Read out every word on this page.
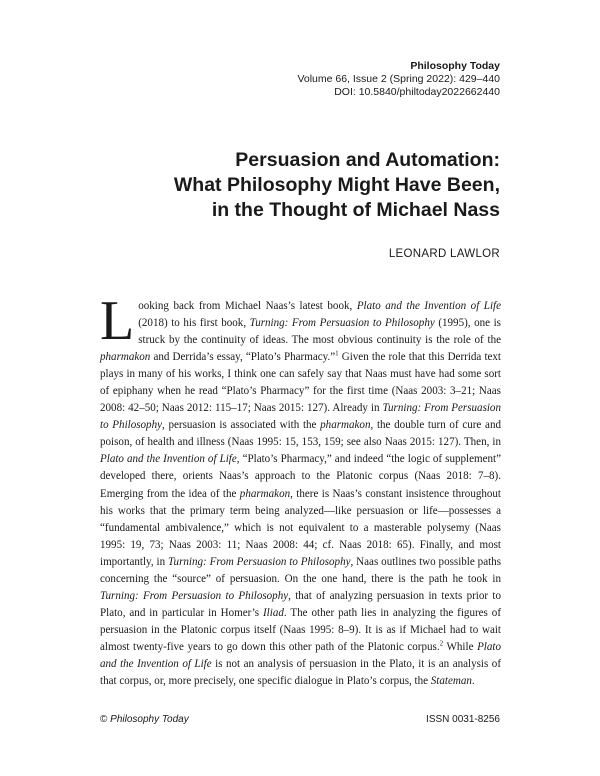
Philosophy Today
Volume 66, Issue 2 (Spring 2022): 429–440
DOI: 10.5840/philtoday2022662440
Persuasion and Automation:
What Philosophy Might Have Been,
in the Thought of Michael Nass
LEONARD LAWLOR
Looking back from Michael Naas’s latest book, Plato and the Invention of Life (2018) to his first book, Turning: From Persuasion to Philosophy (1995), one is struck by the continuity of ideas. The most obvious continuity is the role of the pharmakon and Derrida’s essay, “Plato’s Pharmacy.”$^1$ Given the role that this Derrida text plays in many of his works, I think one can safely say that Naas must have had some sort of epiphany when he read “Plato’s Pharmacy” for the first time (Naas 2003: 3–21; Naas 2008: 42–50; Naas 2012: 115–17; Naas 2015: 127). Already in Turning: From Persuasion to Philosophy, persuasion is associated with the pharmakon, the double turn of cure and poison, of health and illness (Naas 1995: 15, 153, 159; see also Naas 2015: 127). Then, in Plato and the Invention of Life, “Plato’s Pharmacy,” and indeed “the logic of supplement” developed there, orients Naas’s approach to the Platonic corpus (Naas 2018: 7–8). Emerging from the idea of the pharmakon, there is Naas’s constant insistence throughout his works that the primary term being analyzed—like persuasion or life—possesses a “fundamental ambivalence,” which is not equivalent to a masterable polysemy (Naas 1995: 19, 73; Naas 2003: 11; Naas 2008: 44; cf. Naas 2018: 65). Finally, and most importantly, in Turning: From Persuasion to Philosophy, Naas outlines two possible paths concerning the “source” of persuasion. On the one hand, there is the path he took in Turning: From Persuasion to Philosophy, that of analyzing persuasion in texts prior to Plato, and in particular in Homer’s Iliad. The other path lies in analyzing the figures of persuasion in the Platonic corpus itself (Naas 1995: 8–9). It is as if Michael had to wait almost twenty-five years to go down this other path of the Platonic corpus.$^2$ While Plato and the Invention of Life is not an analysis of persuasion in the Plato, it is an analysis of that corpus, or, more precisely, one specific dialogue in Plato’s corpus, the Stateman.
© Philosophy Today	ISSN 0031-8256
